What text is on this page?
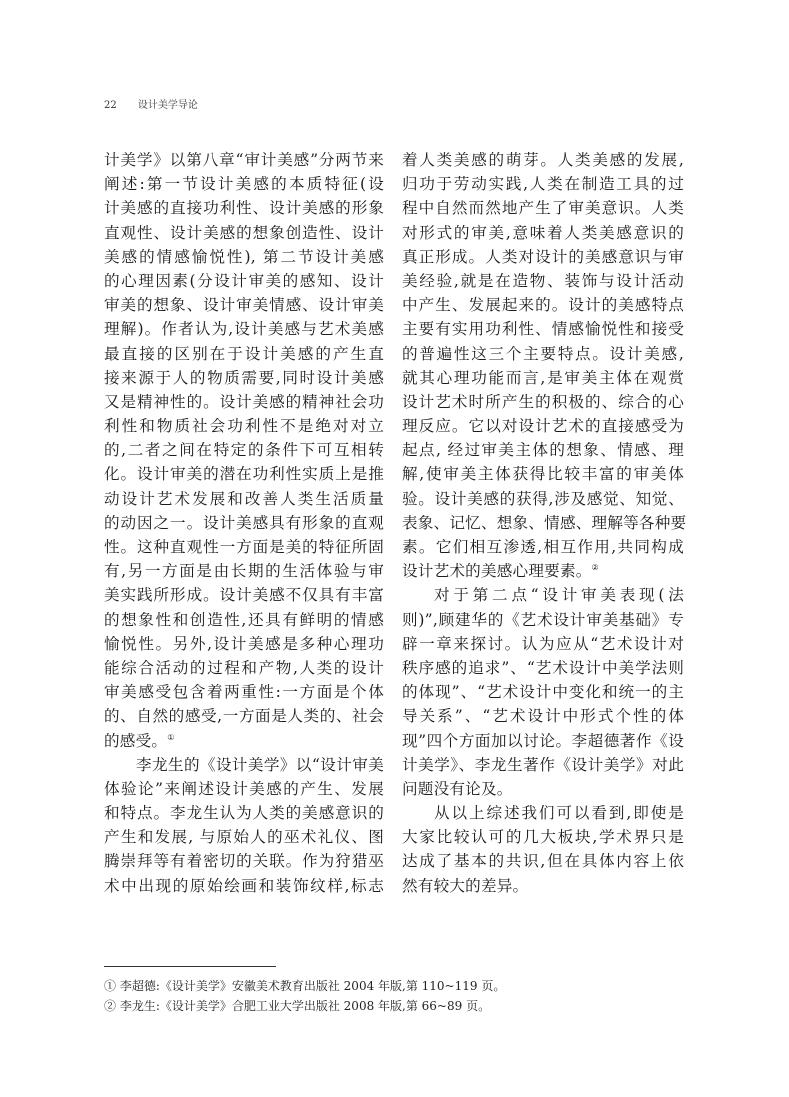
22 设计美学导论
计美学》以第八章“审计美感”分两节来
阐述:第一节设计美感的本质特征(设
计美感的直接功利性、设计美感的形象
直观性、设计美感的想象创造性、设计
美感的情感愉悦性), 第二节设计美感
的心理因素(分设计审美的感知、设计
审美的想象、设计审美情感、设计审美
理解)。作者认为,设计美感与艺术美感
最直接的区别在于设计美感的产生直
接来源于人的物质需要,同时设计美感
又是精神性的。设计美感的精神社会功
利性和物质社会功利性不是绝对对立
的,二者之间在特定的条件下可互相转
化。设计审美的潜在功利性实质上是推
动设计艺术发展和改善人类生活质量
的动因之一。设计美感具有形象的直观
性。这种直观性一方面是美的特征所固
有,另一方面是由长期的生活体验与审
美实践所形成。设计美感不仅具有丰富
的想象性和创造性,还具有鲜明的情感
愉悦性。另外,设计美感是多种心理功
能综合活动的过程和产物,人类的设计
审美感受包含着两重性:一方面是个体
的、自然的感受,一方面是人类的、社会
的感受。①
李龙生的《设计美学》以“设计审美
体验论”来阐述设计美感的产生、发展
和特点。李龙生认为人类的美感意识的
产生和发展, 与原始人的巫术礼仪、图
腾崇拜等有着密切的关联。作为狩猎巫
术中出现的原始绘画和装饰纹样,标志
着人类美感的萌芽。人类美感的发展,
归功于劳动实践,人类在制造工具的过
程中自然而然地产生了审美意识。人类
对形式的审美,意味着人类美感意识的
真正形成。人类对设计的美感意识与审
美经验,就是在造物、装饰与设计活动
中产生、发展起来的。设计的美感特点
主要有实用功利性、情感愉悦性和接受
的普遍性这三个主要特点。设计美感,
就其心理功能而言,是审美主体在观赏
设计艺术时所产生的积极的、综合的心
理反应。它以对设计艺术的直接感受为
起点, 经过审美主体的想象、情感、理
解,使审美主体获得比较丰富的审美体
验。设计美感的获得,涉及感觉、知觉、
表象、记忆、想象、情感、理解等各种要
素。它们相互渗透,相互作用,共同构成
设计艺术的美感心理要素。②
对于第二点“设计审美表现(法
则)”,顾建华的《艺术设计审美基础》专
辟一章来探讨。认为应从“艺术设计对
秩序感的追求”、“艺术设计中美学法则
的体现”、“艺术设计中变化和统一的主
导关系”、“艺术设计中形式个性的体
现”四个方面加以讨论。李超德著作《设
计美学》、李龙生著作《设计美学》对此
问题没有论及。
从以上综述我们可以看到,即使是
大家比较认可的几大板块,学术界只是
达成了基本的共识,但在具体内容上依
然有较大的差异。
① 李超德:《设计美学》安徽美术教育出版社 2004 年版,第 110~119 页。
② 李龙生:《设计美学》合肥工业大学出版社 2008 年版,第 66~89 页。
